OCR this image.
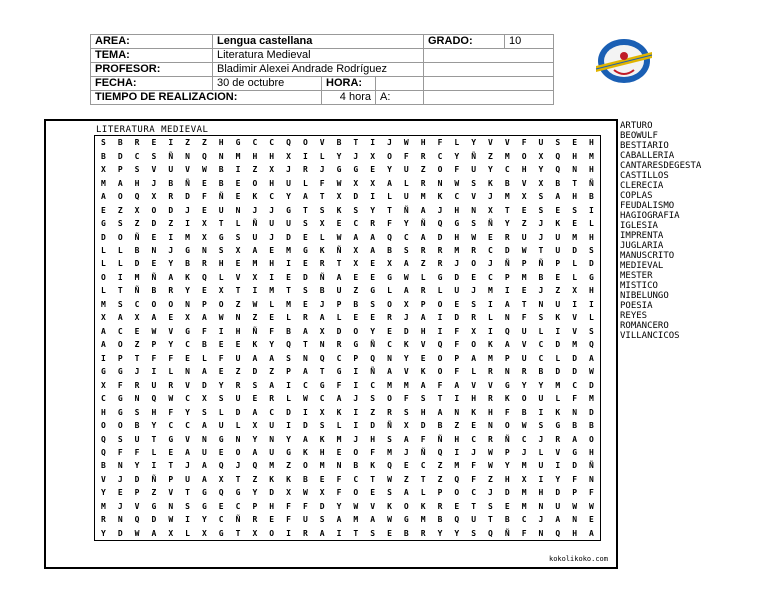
AREA:	Lengua castellana			GRADO:	10
TEMA:	Literatura Medieval				
PROFESOR:	Bladimir Alexei Andrade Rodríguez				
FECHA:	30 de octubre	HORA:			
TIEMPO DE REALIZACION:		4 hora	A:		
LITERATURA MEDIEVAL
S	B	R	E	I	Z	Z	H	G	C	C	Q	O	V	B	T	I	J	W	H	F	L	Y	V	V	F	U	S	E	H
B	D	C	S	Ñ	N	Q	N	M	H	H	X	I	L	Y	J	X	O	F	R	C	Y	Ñ	Z	M	O	X	Q	H	M
X	P	S	V	U	V	W	B	I	Z	X	J	R	J	G	G	E	Y	U	Z	O	F	U	Y	C	H	Y	Q	N	H
M	A	H	J	B	Ñ	E	B	E	O	H	U	L	F	W	X	X	A	L	R	N	W	S	K	B	V	X	B	T	Ñ
A	O	Q	X	R	D	F	Ñ	E	K	C	Y	A	T	X	D	I	L	U	M	K	C	V	J	M	X	S	A	H	B
E	Z	X	O	D	J	E	U	N	J	J	G	T	S	K	S	Y	T	Ñ	A	J	H	N	X	T	E	S	E	S	I
G	S	Z	D	Z	I	X	T	L	Ñ	U	U	S	X	E	C	R	F	Y	Ñ	Q	G	S	Ñ	Y	Z	J	K	E	L
D	O	Ñ	E	I	M	X	G	S	U	J	D	E	L	W	A	A	Q	C	A	D	H	W	E	R	U	J	U	M	H
L	L	B	N	J	G	N	S	X	A	E	M	G	K	Ñ	X	A	B	S	R	R	M	R	C	D	W	T	U	D	S
L	L	D	E	Y	B	R	H	E	M	H	I	E	R	T	X	E	X	A	Z	R	J	O	J	Ñ	P	Ñ	P	L	D
O	I	M	Ñ	A	K	Q	L	V	X	I	E	D	Ñ	A	E	E	G	W	L	G	D	E	C	P	M	B	E	L	G
L	T	Ñ	B	R	Y	E	X	T	I	M	T	S	B	U	Z	G	L	A	R	L	U	J	M	I	E	J	Z	X	H
M	S	C	O	O	N	P	O	Z	W	L	M	E	J	P	B	S	O	X	P	O	E	S	I	A	T	N	U	I	I
X	A	X	A	E	X	A	W	N	Z	E	L	R	A	L	E	E	R	J	A	I	D	R	L	N	F	S	K	V	L
A	C	E	W	V	G	F	I	H	Ñ	F	B	A	X	D	O	Y	E	D	H	I	F	X	I	Q	U	L	I	V	S
A	O	Z	P	Y	C	B	E	E	K	Y	Q	T	N	R	G	Ñ	C	K	V	Q	F	O	K	A	V	C	D	M	Q
I	P	T	F	F	E	L	F	U	A	A	S	N	Q	C	P	Q	N	Y	E	O	P	A	M	P	U	C	L	D	A
G	G	J	I	L	N	A	E	Z	D	Z	P	A	T	G	I	Ñ	A	V	K	O	F	L	R	N	R	B	D	D	W
X	F	R	U	R	V	D	Y	R	S	A	I	C	G	F	I	C	M	M	A	F	A	V	V	G	Y	Y	M	C	D
C	G	N	Q	W	C	X	S	U	E	R	L	W	C	A	J	S	O	F	S	T	I	H	R	K	O	U	L	F	M
H	G	S	H	F	Y	S	L	D	A	C	D	I	X	K	I	Z	R	S	H	A	N	K	H	F	B	I	K	N	D
O	O	B	Y	C	C	A	U	L	X	U	I	D	S	L	I	D	Ñ	X	D	B	Z	E	N	O	W	S	G	B	B
Q	S	U	T	G	V	N	G	N	Y	N	Y	A	K	M	J	H	S	A	F	Ñ	H	C	R	Ñ	C	J	R	A	O
Q	F	F	L	E	A	U	E	O	A	U	G	K	H	E	O	F	M	J	Ñ	Q	I	J	W	P	J	L	V	G	H
B	N	Y	I	T	J	A	Q	J	Q	M	Z	O	M	N	B	K	Q	E	C	Z	M	F	W	Y	M	U	I	D	Ñ
V	J	D	Ñ	P	U	A	X	T	Z	K	K	B	E	F	C	T	W	Z	T	Z	Q	F	Z	H	X	I	Y	F	N
Y	E	P	Z	V	T	G	Q	G	Y	D	X	W	X	F	O	E	S	A	L	P	O	C	J	D	M	H	D	P	F
M	J	V	G	N	S	G	E	C	P	H	F	F	D	Y	W	V	K	O	K	R	E	T	S	E	M	N	U	W	W
R	N	Q	D	W	I	Y	C	Ñ	R	E	F	U	S	A	M	A	W	G	M	B	Q	U	T	B	C	J	A	N	E
Y	D	W	A	X	L	X	G	T	X	O	I	R	A	I	T	S	E	B	R	Y	Y	S	Q	Ñ	F	N	Q	H	A
kokolikoko.com
ARTURO
BEOWULF
BESTIARIO
CABALLERIA
CANTARESDEGESTA
CASTILLOS
CLERECIA
COPLAS
FEUDALISMO
HAGIOGRAFIA
IGLESIA
IMPRENTA
JUGLARIA
MANUSCRITO
MEDIEVAL
MESTER
MISTICO
NIBELUNGO
POESIA
REYES
ROMANCERO
VILLANCICOS
